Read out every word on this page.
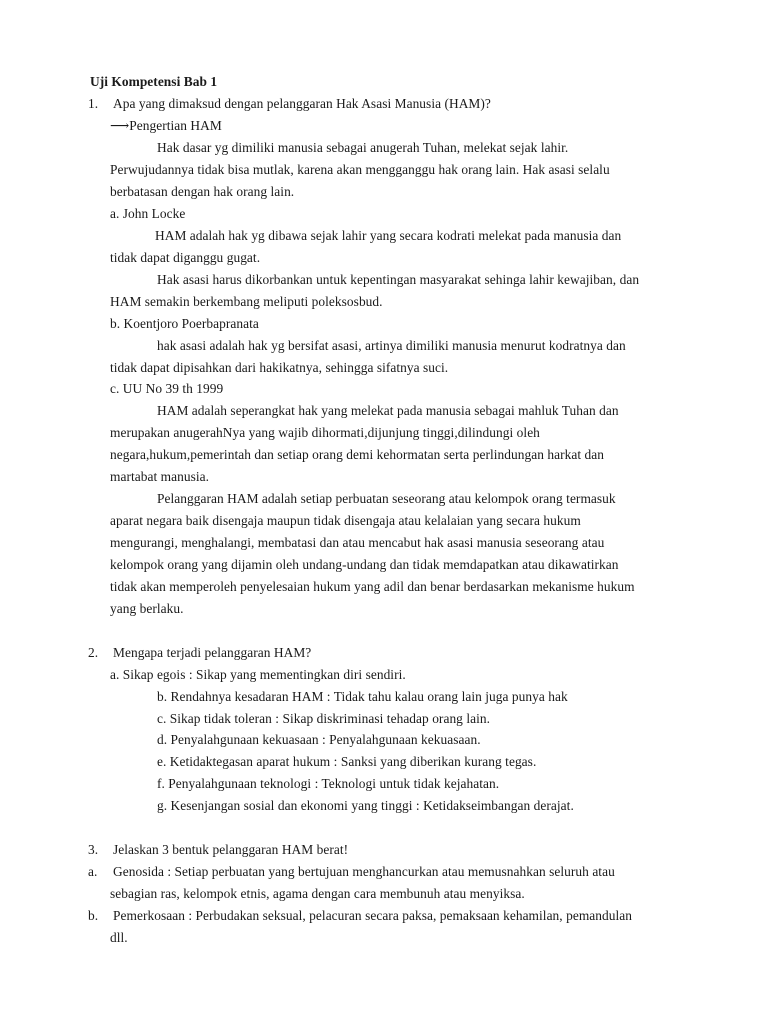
Uji Kompetensi Bab 1
1. Apa yang dimaksud dengan pelanggaran Hak Asasi Manusia (HAM)?
⟶Pengertian HAM
Hak dasar yg dimiliki manusia sebagai anugerah Tuhan, melekat sejak lahir.
Perwujudannya tidak bisa mutlak, karena akan mengganggu hak orang lain. Hak asasi selalu
berbatasan dengan hak orang lain.
a. John Locke
HAM adalah hak yg dibawa sejak lahir yang secara kodrati melekat pada manusia dan
tidak dapat diganggu gugat.
Hak asasi harus dikorbankan untuk kepentingan masyarakat sehinga lahir kewajiban, dan
HAM semakin berkembang meliputi poleksosbud.
b. Koentjoro Poerbapranata
hak asasi adalah hak yg bersifat asasi, artinya dimiliki manusia menurut kodratnya dan
tidak dapat dipisahkan dari hakikatnya, sehingga sifatnya suci.
c. UU No 39 th 1999
HAM adalah seperangkat hak yang melekat pada manusia sebagai mahluk Tuhan dan
merupakan anugerahNya yang wajib dihormati,dijunjung tinggi,dilindungi oleh
negara,hukum,pemerintah dan setiap orang demi kehormatan serta perlindungan harkat dan
martabat manusia.
Pelanggaran HAM adalah setiap perbuatan seseorang atau kelompok orang termasuk
aparat negara baik disengaja maupun tidak disengaja atau kelalaian yang secara hukum
mengurangi, menghalangi, membatasi dan atau mencabut hak asasi manusia seseorang atau
kelompok orang yang dijamin oleh undang-undang dan tidak memdapatkan atau dikawatirkan
tidak akan memperoleh penyelesaian hukum yang adil dan benar berdasarkan mekanisme hukum
yang berlaku.
2. Mengapa terjadi pelanggaran HAM?
a. Sikap egois : Sikap yang mementingkan diri sendiri.
b. Rendahnya kesadaran HAM : Tidak tahu kalau orang lain juga punya hak
c. Sikap tidak toleran : Sikap diskriminasi tehadap orang lain.
d. Penyalahgunaan kekuasaan : Penyalahgunaan kekuasaan.
e. Ketidaktegasan aparat hukum : Sanksi yang diberikan kurang tegas.
f. Penyalahgunaan teknologi : Teknologi untuk tidak kejahatan.
g. Kesenjangan sosial dan ekonomi yang tinggi : Ketidakseimbangan derajat.
3. Jelaskan 3 bentuk pelanggaran HAM berat!
a. Genosida : Setiap perbuatan yang bertujuan menghancurkan atau memusnahkan seluruh atau
sebagian ras, kelompok etnis, agama dengan cara membunuh atau menyiksa.
b. Pemerkosaan : Perbudakan seksual, pelacuran secara paksa, pemaksaan kehamilan, pemandulan
dll.
